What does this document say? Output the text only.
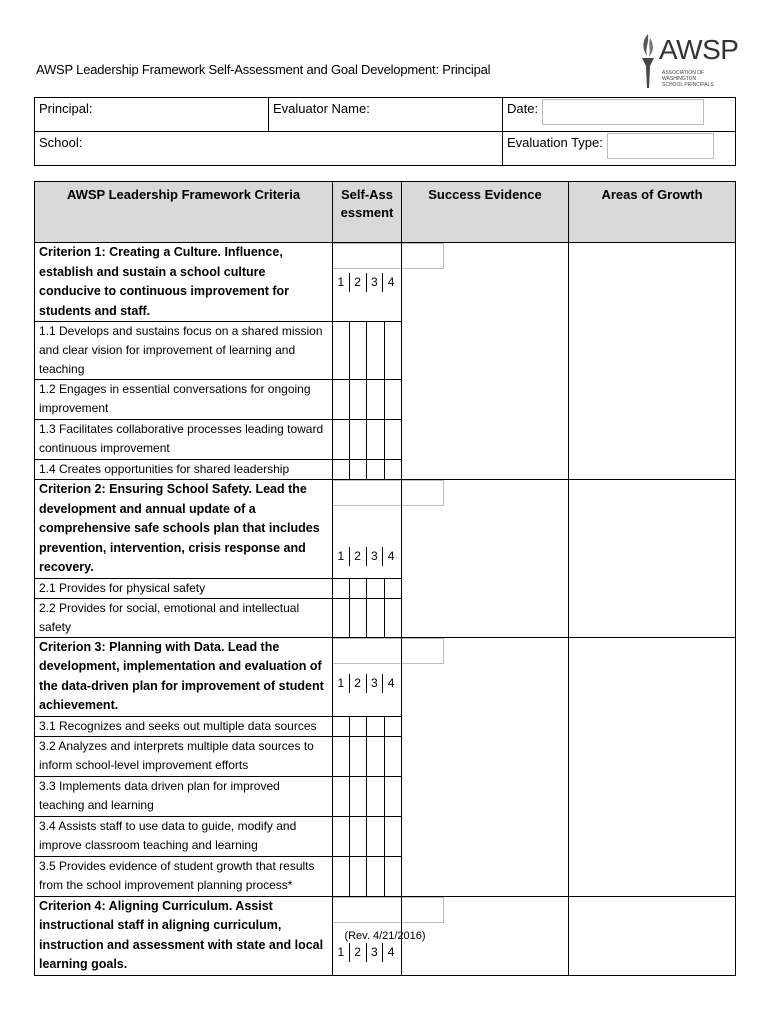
AWSP Leadership Framework Self-Assessment and Goal Development: Principal
AWSP
ASSOCIATION OF WASHINGTON
SCHOOL PRINCIPALS
Principal:	Evaluator Name:	Date:
School:		Evaluation Type:
AWSP Leadership Framework Criteria	Self-Assessment				Success Evidence	Areas of Growth
Criterion 1: Creating a Culture. Influence, establish and sustain a school culture conducive to continuous improvement for students and staff.	1 2 3 4					

1.1 Develops and sustains focus on a shared mission and clear vision for improvement of learning and teaching						
1.2 Engages in essential conversations for ongoing improvement						
1.3 Facilitates collaborative processes leading toward continuous improvement						
1.4 Creates opportunities for shared leadership						
Criterion 2: Ensuring School Safety. Lead the development and annual update of a comprehensive safe schools plan that includes prevention, intervention, crisis response and recovery.	1 2 3 4					

2.1 Provides for physical safety						
2.2 Provides for social, emotional and intellectual safety						
Criterion 3: Planning with Data. Lead the development, implementation and evaluation of the data-driven plan for improvement of student achievement.	1 2 3 4					

3.1 Recognizes and seeks out multiple data sources						
3.2 Analyzes and interprets multiple data sources to inform school-level improvement efforts						
3.3 Implements data driven plan for improved teaching and learning						
3.4 Assists staff to use data to guide, modify and improve classroom teaching and learning						
3.5 Provides evidence of student growth that results from the school improvement planning process*						
Criterion 4: Aligning Curriculum. Assist instructional staff in aligning curriculum, instruction and assessment with state and local learning goals.	1 2 3 4					

(Rev. 4/21/2016)
